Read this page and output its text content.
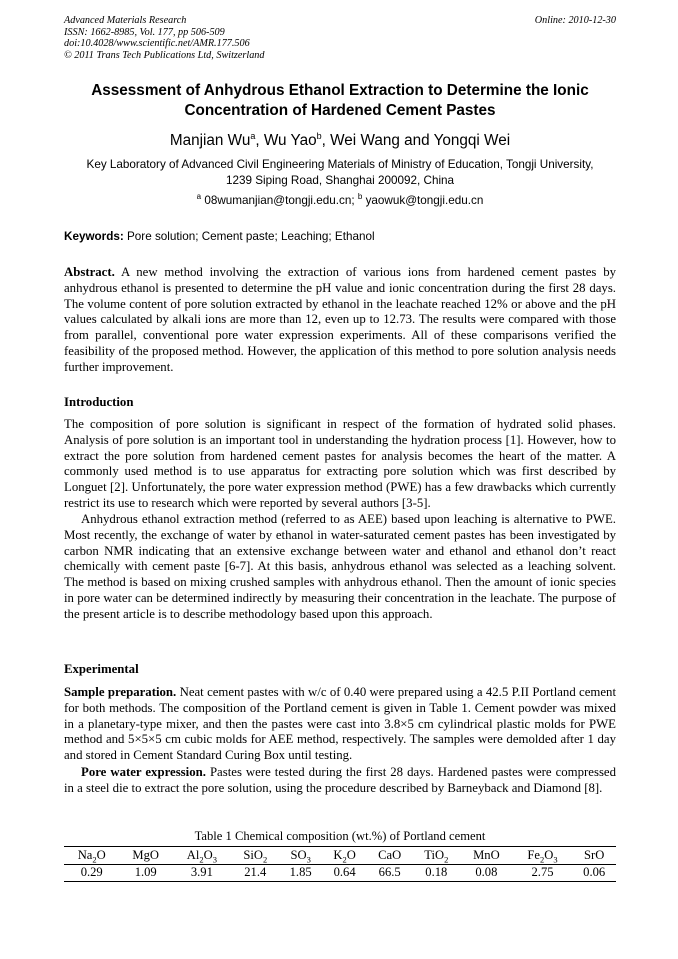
Advanced Materials Research
ISSN: 1662-8985, Vol. 177, pp 506-509
doi:10.4028/www.scientific.net/AMR.177.506
© 2011 Trans Tech Publications Ltd, Switzerland
Online: 2010-12-30
Assessment of Anhydrous Ethanol Extraction to Determine the Ionic
Concentration of Hardened Cement Pastes
Manjian Wu$^a$, Wu Yao$^b$, Wei Wang and Yongqi Wei
Key Laboratory of Advanced Civil Engineering Materials of Ministry of Education, Tongji University,
1239 Siping Road, Shanghai 200092, China
$^a$ 08wumanjian@tongji.edu.cn; $^b$ yaowuk@tongji.edu.cn
Keywords: Pore solution; Cement paste; Leaching; Ethanol

Abstract. A new method involving the extraction of various ions from hardened cement pastes by anhydrous ethanol is presented to determine the pH value and ionic concentration during the first 28 days. The volume content of pore solution extracted by ethanol in the leachate reached 12% or above and the pH values calculated by alkali ions are more than 12, even up to 12.73. The results were compared with those from parallel, conventional pore water expression experiments. All of these comparisons verified the feasibility of the proposed method. However, the application of this method to pore solution analysis needs further improvement.

Introduction

The composition of pore solution is significant in respect of the formation of hydrated solid phases. Analysis of pore solution is an important tool in understanding the hydration process [1]. However, how to extract the pore solution from hardened cement pastes for analysis becomes the heart of the matter. A commonly used method is to use apparatus for extracting pore solution which was first described by Longuet [2]. Unfortunately, the pore water expression method (PWE) has a few drawbacks which currently restrict its use to research which were reported by several authors [3-5].

Anhydrous ethanol extraction method (referred to as AEE) based upon leaching is alternative to PWE. Most recently, the exchange of water by ethanol in water-saturated cement pastes has been investigated by carbon NMR indicating that an extensive exchange between water and ethanol and ethanol don’t react chemically with cement paste [6-7]. At this basis, anhydrous ethanol was selected as a leaching solvent. The method is based on mixing crushed samples with anhydrous ethanol. Then the amount of ionic species in pore water can be determined indirectly by measuring their concentration in the leachate. The purpose of the present article is to describe methodology based upon this approach.

Experimental

Sample preparation. Neat cement pastes with w/c of 0.40 were prepared using a 42.5 P.II Portland cement for both methods. The composition of the Portland cement is given in Table 1. Cement powder was mixed in a planetary-type mixer, and then the pastes were cast into 3.8×5 cm cylindrical plastic molds for PWE method and 5×5×5 cm cubic molds for AEE method, respectively. The samples were demolded after 1 day and stored in Cement Standard Curing Box until testing.

Pore water expression. Pastes were tested during the first 28 days. Hardened pastes were compressed in a steel die to extract the pore solution, using the procedure described by Barneyback and Diamond [8].

Table 1 Chemical composition (wt.%) of Portland cement
$Na_2O$	MgO	$Al_2O_3$	SiO$_2$	$SO_3$	$K_2O$	CaO	TiO$_2$	MnO	$Fe_2O_3$	SrO
0.29	1.09	3.91	21.4	1.85	0.64	66.5	0.18	0.08	2.75	0.06
